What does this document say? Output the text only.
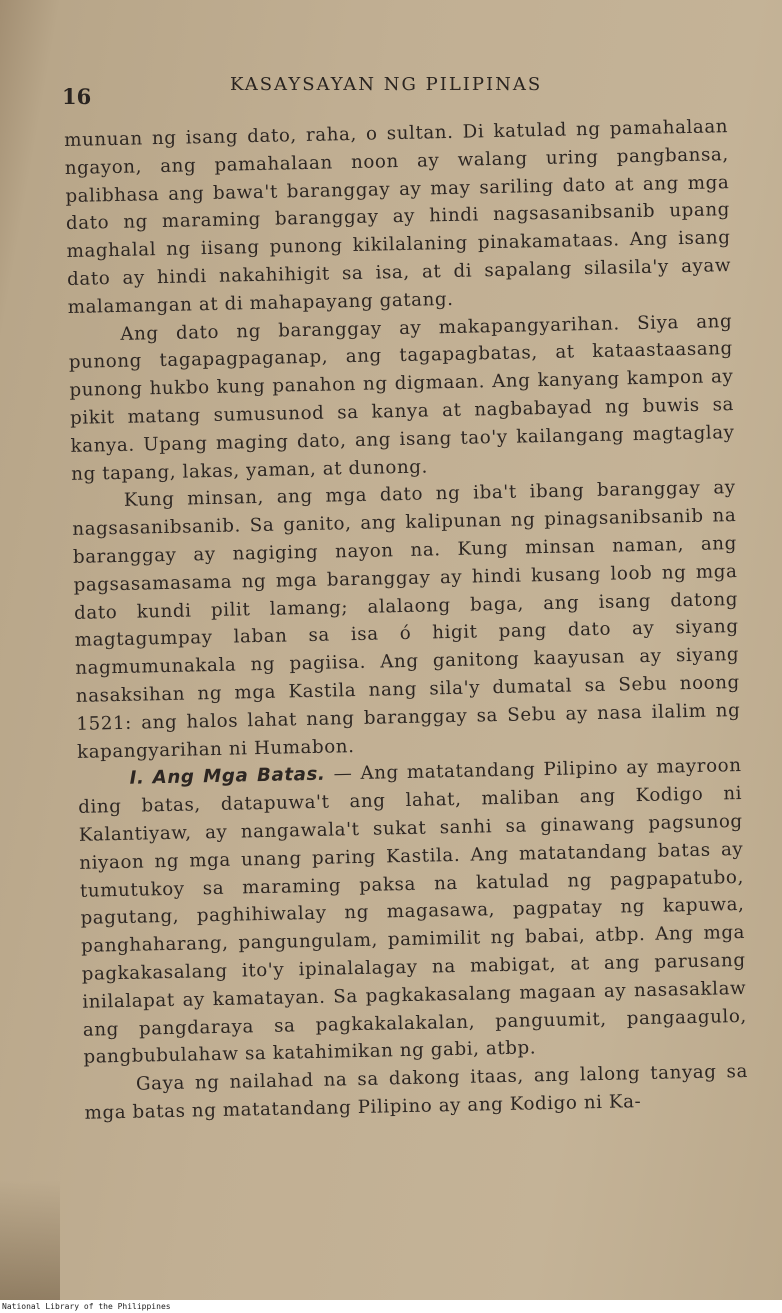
16	KASAYSAYAN NG PILIPINAS

munuan ng isang dato, raha, o sultan. Di katulad ng pamahalaan ngayon, ang pamahalaan noon ay walang uring pangbansa, palibhasa ang bawa't baranggay ay may sariling dato at ang mga dato ng maraming baranggay ay hindi nagsasanibsanib upang maghalal ng iisang punong kikilalaning pinakamataas. Ang isang dato ay hindi nakahihigit sa isa, at di sapalang silasila'y ayaw malamangan at di mahapayang gatang.

Ang dato ng baranggay ay makapangyarihan. Siya ang punong tagapagpaganap, ang tagapagbatas, at kataastaasang punong hukbo kung panahon ng digmaan. Ang kanyang kampon ay pikit matang sumusunod sa kanya at nagbabayad ng buwis sa kanya. Upang maging dato, ang isang tao'y kailangang magtaglay ng tapang, lakas, yaman, at dunong.

Kung minsan, ang mga dato ng iba't ibang baranggay ay nagsasanibsanib. Sa ganito, ang kalipunan ng pinagsanibsanib na baranggay ay nagiging nayon na. Kung minsan naman, ang pagsasamasama ng mga baranggay ay hindi kusang loob ng mga dato kundi pilit lamang; alalaong baga, ang isang datong magtagumpay laban sa isa ó higit pang dato ay siyang nagmumunakala ng pagiisa. Ang ganitong kaayusan ay siyang nasaksihan ng mga Kastila nang sila'y dumatal sa Sebu noong 1521: ang halos lahat nang baranggay sa Sebu ay nasa ilalim ng kapangyarihan ni Humabon.

I. Ang Mga Batas. — Ang matatandang Pilipino ay mayroon ding batas, datapuwa't ang lahat, maliban ang Kodigo ni Kalantiyaw, ay nangawala't sukat sanhi sa ginawang pagsunog niyaon ng mga unang paring Kastila. Ang matatandang batas ay tumutukoy sa maraming paksa na katulad ng pagpapatubo, pagutang, paghihiwalay ng magasawa, pagpatay ng kapuwa, panghaharang, pangungulam, pamimilit ng babai, atbp. Ang mga pagkakasalang ito'y ipinalalagay na mabigat, at ang parusang inilalapat ay kamatayan. Sa pagkakasalang magaan ay nasasaklaw ang pangdaraya sa pagkakalakalan, panguumit, pangaagulo, pangbubulahaw sa katahimikan ng gabi, atbp.

Gaya ng nailahad na sa dakong itaas, ang lalong tanyag sa mga batas ng matatandang Pilipino ay ang Kodigo ni Ka-

National Library of the Philippines
